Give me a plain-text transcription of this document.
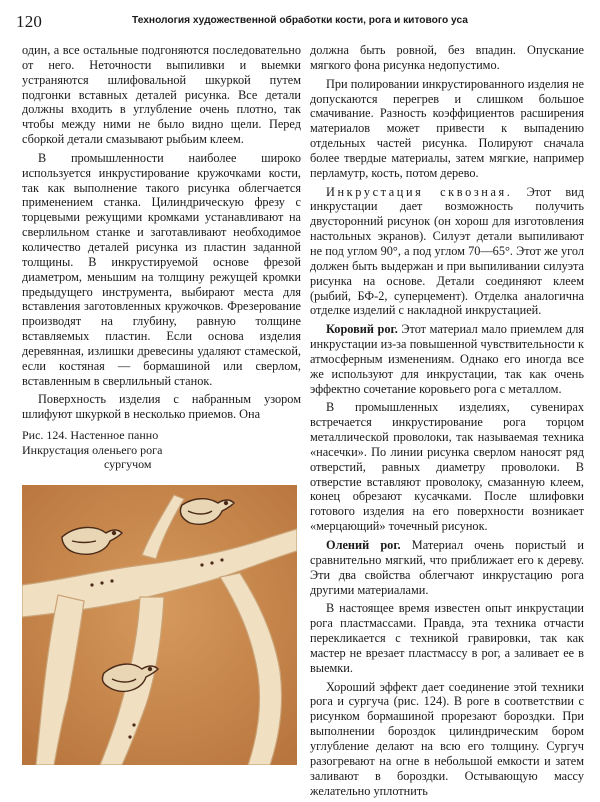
120	Технология художественной обработки кости, рога и китового уса

один, а все остальные подгоняются последовательно от него. Неточности выпиливки и выемки устраняются шлифовальной шкуркой путем подгонки вставных деталей рисунка. Все детали должны входить в углубление очень плотно, так чтобы между ними не было видно щели. Перед сборкой детали смазывают рыбьим клеем.

В промышленности наиболее широко используется инкрустирование кружочками кости, так как выполнение такого рисунка облегчается применением станка. Цилиндрическую фрезу с торцевыми режущими кромками устанавливают на сверлильном станке и заготавливают необходимое количество деталей рисунка из пластин заданной толщины. В инкрустируемой основе фрезой диаметром, меньшим на толщину режущей кромки предыдущего инструмента, выбирают места для вставления заготовленных кружочков. Фрезерование производят на глубину, равную толщине вставляемых пластин. Если основа изделия деревянная, излишки древесины удаляют стамеской, если костяная — бормашиной или сверлом, вставленным в сверлильный станок.

Поверхность изделия с набранным узором шлифуют шкуркой в несколько приемов. Она

Рис. 124. Настенное панно
Инкрустация оленьего рога
сургучом

должна быть ровной, без впадин. Опускание мягкого фона рисунка недопустимо.

При полировании инкрустированного изделия не допускаются перегрев и слишком большое смачивание. Разность коэффициентов расширения материалов может привести к выпадению отдельных частей рисунка. Полируют сначала более твердые материалы, затем мягкие, например перламутр, кость, потом дерево.

Инкрустация сквозная. Этот вид инкрустации дает возможность получить двусторонний рисунок (он хорош для изготовления настольных экранов). Силуэт детали выпиливают не под углом 90°, а под углом 70—65°. Этот же угол должен быть выдержан и при выпиливании силуэта рисунка на основе. Детали соединяют клеем (рыбий, БФ-2, суперцемент). Отделка аналогична отделке изделий с накладной инкрустацией.

Коровий рог. Этот материал мало приемлем для инкрустации из-за повышенной чувствительности к атмосферным изменениям. Однако его иногда все же используют для инкрустации, так как очень эффектно сочетание коровьего рога с металлом.

В промышленных изделиях, сувенирах встречается инкрустирование рога торцом металлической проволоки, так называемая техника «насечки». По линии рисунка сверлом наносят ряд отверстий, равных диаметру проволоки. В отверстие вставляют проволоку, смазанную клеем, конец обрезают кусачками. После шлифовки готового изделия на его поверхности возникает «мерцающий» точечный рисунок.

Олений рог. Материал очень пористый и сравнительно мягкий, что приближает его к дереву. Эти два свойства облегчают инкрустацию рога другими материалами.

В настоящее время известен опыт инкрустации рога пластмассами. Правда, эта техника отчасти перекликается с техникой гравировки, так как мастер не врезает пластмассу в рог, а заливает ее в выемки.

Хороший эффект дает соединение этой техники рога и сургуча (рис. 124). В роге в соответствии с рисунком бормашиной прорезают бороздки. При выполнении бороздок цилиндрическим бором углубление делают на всю его толщину. Сургуч разогревают на огне в небольшой емкости и затем заливают в бороздки. Остывающую массу желательно уплотнить
